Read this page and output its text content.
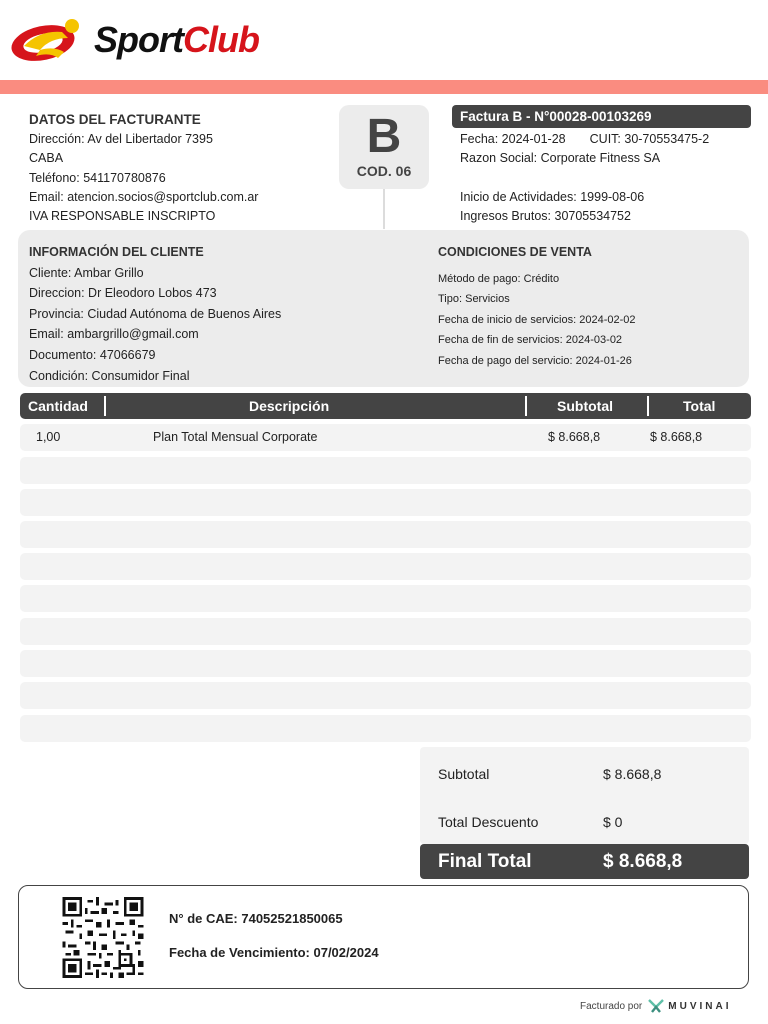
SportClub
DATOS DEL FACTURANTE
Dirección: Av del Libertador 7395
CABA
Teléfono: 541170780876
Email: atencion.socios@sportclub.com.ar
IVA RESPONSABLE INSCRIPTO
B
COD. 06
Factura B - N°00028-00103269
Fecha: 2024-01-28 CUIT: 30-70553475-2
Razon Social: Corporate Fitness SA
Inicio de Actividades: 1999-08-06
Ingresos Brutos: 30705534752
INFORMACIÓN DEL CLIENTE
Cliente: Ambar Grillo
Direccion: Dr Eleodoro Lobos 473
Provincia: Ciudad Autónoma de Buenos Aires
Email: ambargrillo@gmail.com
Documento: 47066679
Condición: Consumidor Final
CONDICIONES DE VENTA
Método de pago: Crédito
Tipo: Servicios
Fecha de inicio de servicios: 2024-02-02
Fecha de fin de servicios: 2024-03-02
Fecha de pago del servicio: 2024-01-26
Cantidad	Descripción	Subtotal	Total
1,00	Plan Total Mensual Corporate	$ 8.668,8	$ 8.668,8
Subtotal	$ 8.668,8
Total Descuento	$ 0
Final Total	$ 8.668,8
N° de CAE: 74052521850065
Fecha de Vencimiento: 07/02/2024
Facturado por	MUVINAI
